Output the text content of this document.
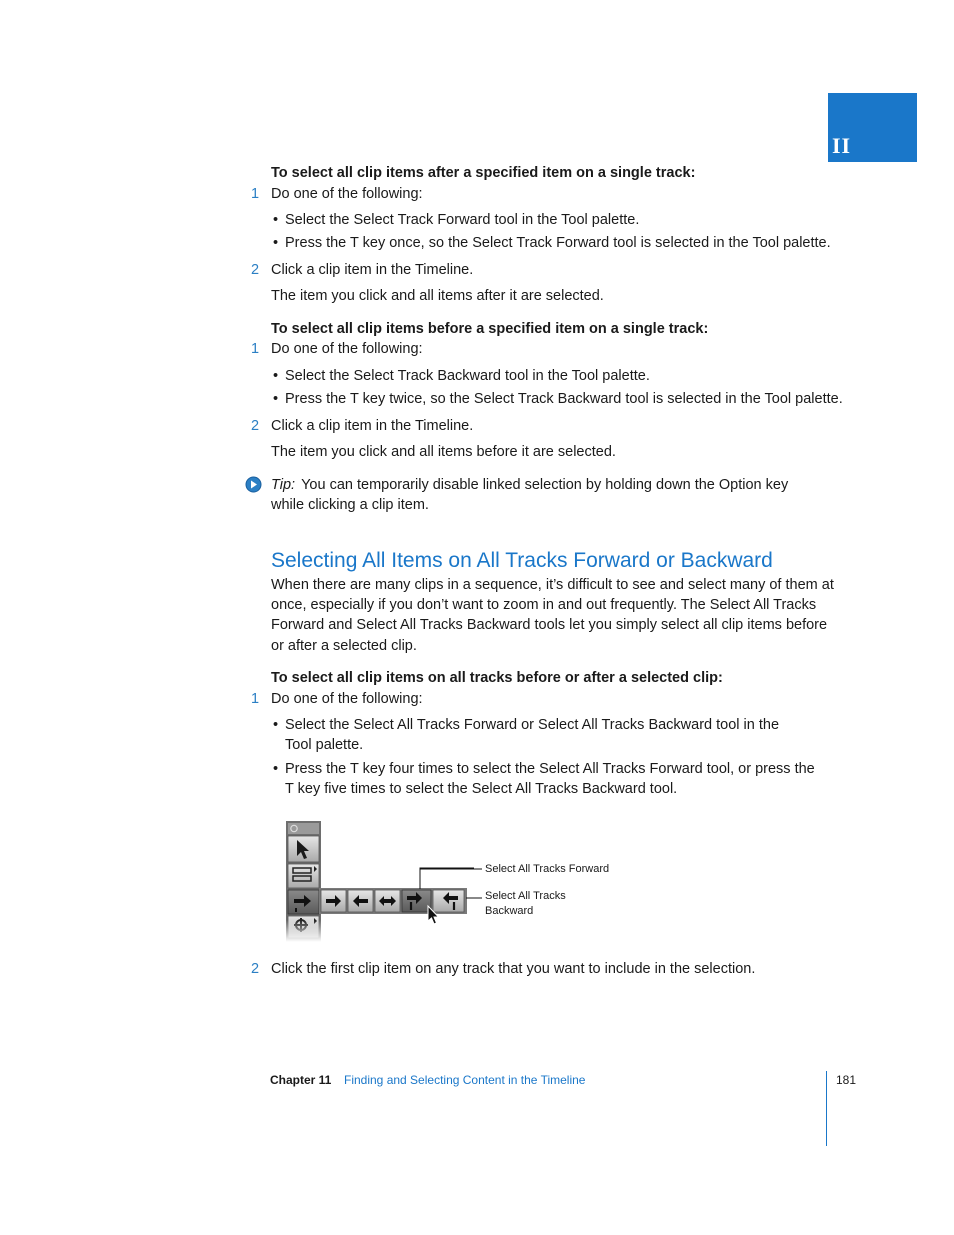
II
To select all clip items after a specified item on a single track:
1 Do one of the following:
• Select the Select Track Forward tool in the Tool palette.
• Press the T key once, so the Select Track Forward tool is selected in the Tool palette.
2 Click a clip item in the Timeline.
The item you click and all items after it are selected.
To select all clip items before a specified item on a single track:
1 Do one of the following:
• Select the Select Track Backward tool in the Tool palette.
• Press the T key twice, so the Select Track Backward tool is selected in the Tool palette.
2 Click a clip item in the Timeline.
The item you click and all items before it are selected.
Tip: You can temporarily disable linked selection by holding down the Option key
while clicking a clip item.
Selecting All Items on All Tracks Forward or Backward
When there are many clips in a sequence, it’s difficult to see and select many of them at
once, especially if you don’t want to zoom in and out frequently. The Select All Tracks
Forward and Select All Tracks Backward tools let you simply select all clip items before
or after a selected clip.
To select all clip items on all tracks before or after a selected clip:
1 Do one of the following:
• Select the Select All Tracks Forward or Select All Tracks Backward tool in the
Tool palette.
• Press the T key four times to select the Select All Tracks Forward tool, or press the
T key five times to select the Select All Tracks Backward tool.
Select All Tracks Forward
Select All Tracks
Backward
2 Click the first clip item on any track that you want to include in the selection.
Chapter 11 Finding and Selecting Content in the Timeline	181
